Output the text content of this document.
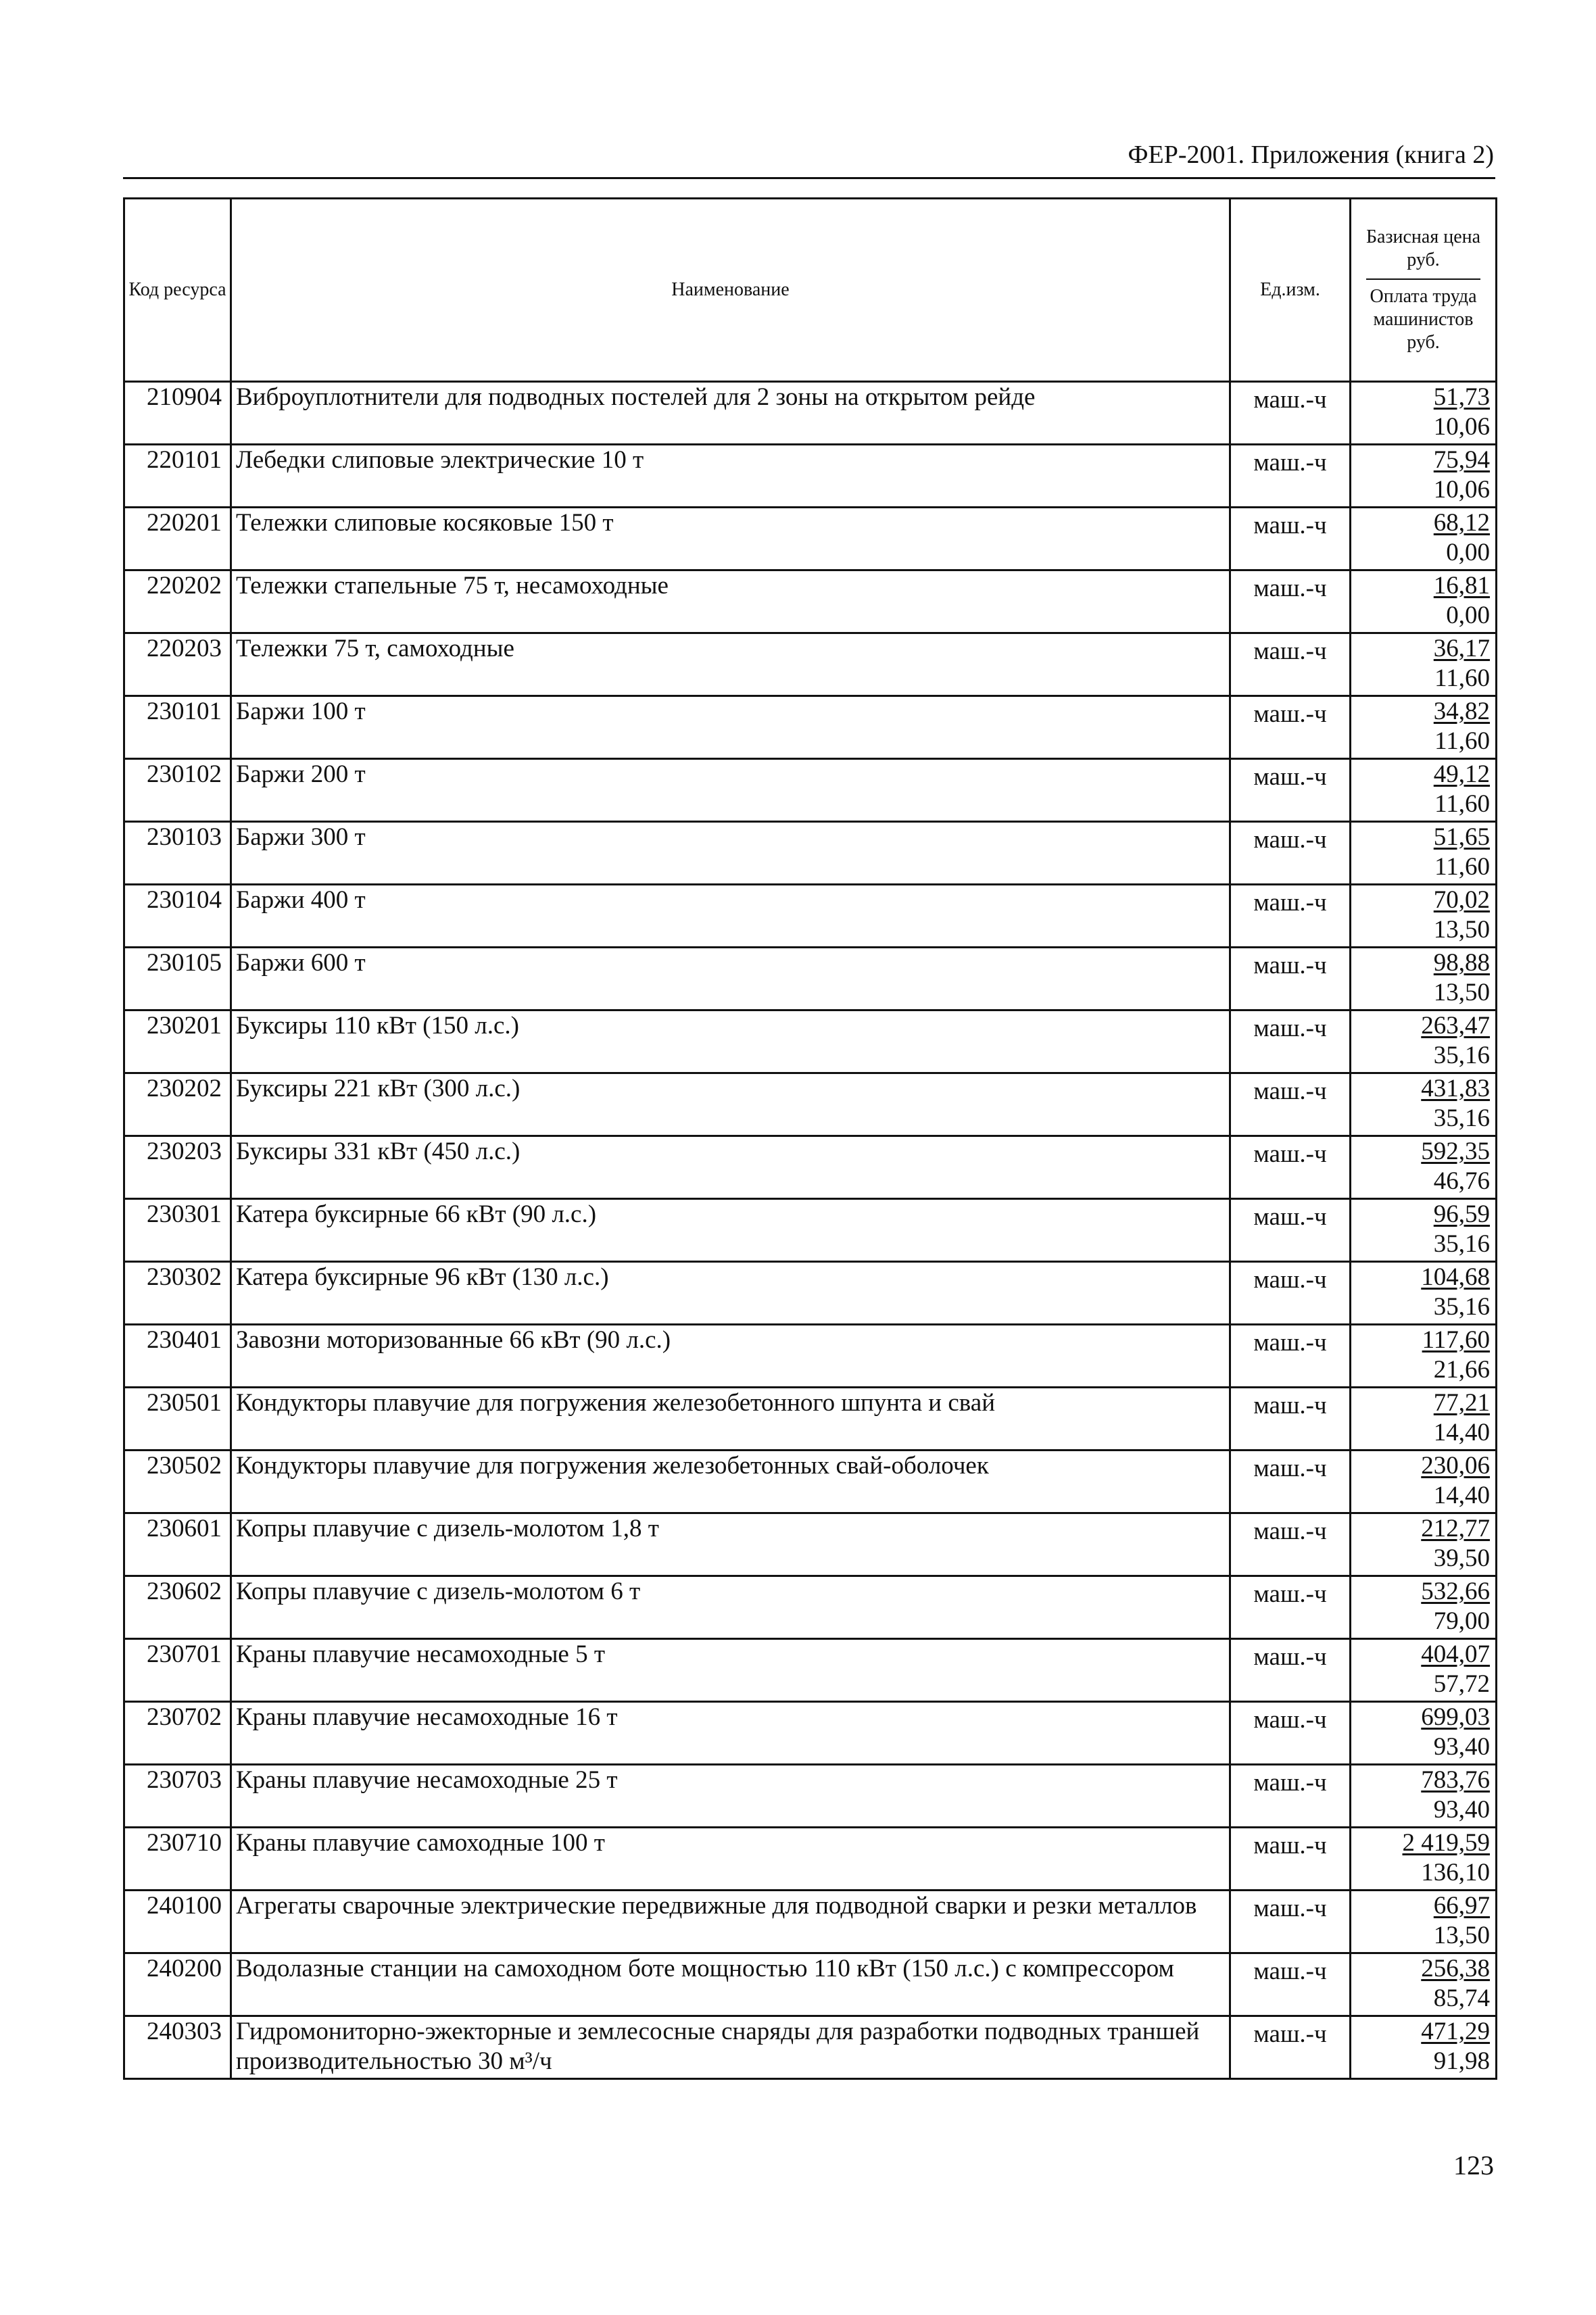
ФЕР-2001. Приложения (книга 2)
Код ресурса	Наименование	Ед.изм.	Базисная цена руб.
Оплата труда машинистов руб.

210904	Виброуплотнители для подводных постелей для 2 зоны на открытом рейде	маш.-ч	51,73
10,06

220101	Лебедки слиповые электрические 10 т	маш.-ч	75,94
10,06

220201	Тележки слиповые косяковые 150 т	маш.-ч	68,12
0,00

220202	Тележки стапельные 75 т, несамоходные	маш.-ч	16,81
0,00

220203	Тележки 75 т, самоходные	маш.-ч	36,17
11,60

230101	Баржи 100 т	маш.-ч	34,82
11,60

230102	Баржи 200 т	маш.-ч	49,12
11,60

230103	Баржи 300 т	маш.-ч	51,65
11,60

230104	Баржи 400 т	маш.-ч	70,02
13,50

230105	Баржи 600 т	маш.-ч	98,88
13,50

230201	Буксиры 110 кВт (150 л.с.)	маш.-ч	263,47
35,16

230202	Буксиры 221 кВт (300 л.с.)	маш.-ч	431,83
35,16

230203	Буксиры 331 кВт (450 л.с.)	маш.-ч	592,35
46,76

230301	Катера буксирные 66 кВт (90 л.с.)	маш.-ч	96,59
35,16

230302	Катера буксирные 96 кВт (130 л.с.)	маш.-ч	104,68
35,16

230401	Завозни моторизованные 66 кВт (90 л.с.)	маш.-ч	117,60
21,66

230501	Кондукторы плавучие для погружения железобетонного шпунта и свай	маш.-ч	77,21
14,40

230502	Кондукторы плавучие для погружения железобетонных свай-оболочек	маш.-ч	230,06
14,40

230601	Копры плавучие с дизель-молотом 1,8 т	маш.-ч	212,77
39,50

230602	Копры плавучие с дизель-молотом 6 т	маш.-ч	532,66
79,00

230701	Краны плавучие несамоходные 5 т	маш.-ч	404,07
57,72

230702	Краны плавучие несамоходные 16 т	маш.-ч	699,03
93,40

230703	Краны плавучие несамоходные 25 т	маш.-ч	783,76
93,40

230710	Краны плавучие самоходные 100 т	маш.-ч	2 419,59
136,10

240100	Агрегаты сварочные электрические передвижные для подводной сварки и резки металлов	маш.-ч	66,97
13,50

240200	Водолазные станции на самоходном боте мощностью 110 кВт (150 л.с.) с компрессором	маш.-ч	256,38
85,74

240303	Гидромониторно-эжекторные и землесосные снаряды для разработки подводных траншей производительностью 30 м³/ч	маш.-ч	471,29
91,98
123
